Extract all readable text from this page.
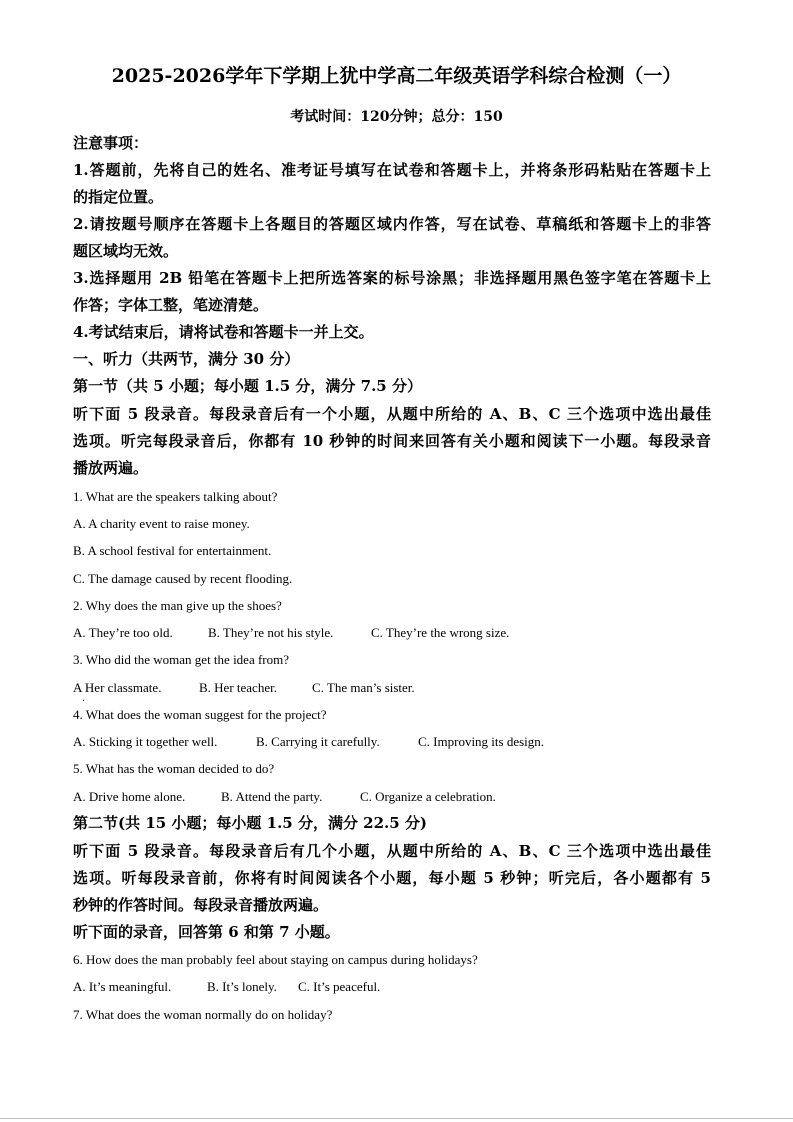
2025-2026学年下学期上犹中学高二年级英语学科综合检测（一）
考试时间：120分钟；总分：150
注意事项：
1.答题前，先将自己的姓名、准考证号填写在试卷和答题卡上，并将条形码粘贴在答题卡上
的指定位置。
2.请按题号顺序在答题卡上各题目的答题区域内作答，写在试卷、草稿纸和答题卡上的非答
题区域均无效。
3.选择题用 2B 铅笔在答题卡上把所选答案的标号涂黑；非选择题用黑色签字笔在答题卡上
作答；字体工整，笔迹清楚。
4.考试结束后，请将试卷和答题卡一并上交。
一、听力（共两节，满分 30 分）
第一节（共 5 小题；每小题 1.5 分，满分 7.5 分）
听下面 5 段录音。每段录音后有一个小题，从题中所给的 A、B、C 三个选项中选出最佳
选项。听完每段录音后，你都有 10 秒钟的时间来回答有关小题和阅读下一小题。每段录音
播放两遍。
1. What are the speakers talking about?
A. A charity event to raise money.
B. A school festival for entertainment.
C. The damage caused by recent flooding.
2. Why does the man give up the shoes?
A. They’re too old.	B. They’re not his style.	C. They’re the wrong size.
3. Who did the woman get the idea from?
A Her classmate.	B. Her teacher.	C. The man’s sister.
.
4. What does the woman suggest for the project?
A. Sticking it together well.	B. Carrying it carefully.	C. Improving its design.
5. What has the woman decided to do?
A. Drive home alone.	B. Attend the party.	C. Organize a celebration.
第二节(共 15 小题；每小题 1.5 分，满分 22.5 分)
听下面 5 段录音。每段录音后有几个小题，从题中所给的 A、B、C 三个选项中选出最佳
选项。听每段录音前，你将有时间阅读各个小题，每小题 5 秒钟；听完后，各小题都有 5
秒钟的作答时间。每段录音播放两遍。
听下面的录音，回答第 6 和第 7 小题。
6. How does the man probably feel about staying on campus during holidays?
A. It’s meaningful.	B. It’s lonely. C. It’s peaceful.
7. What does the woman normally do on holiday?
